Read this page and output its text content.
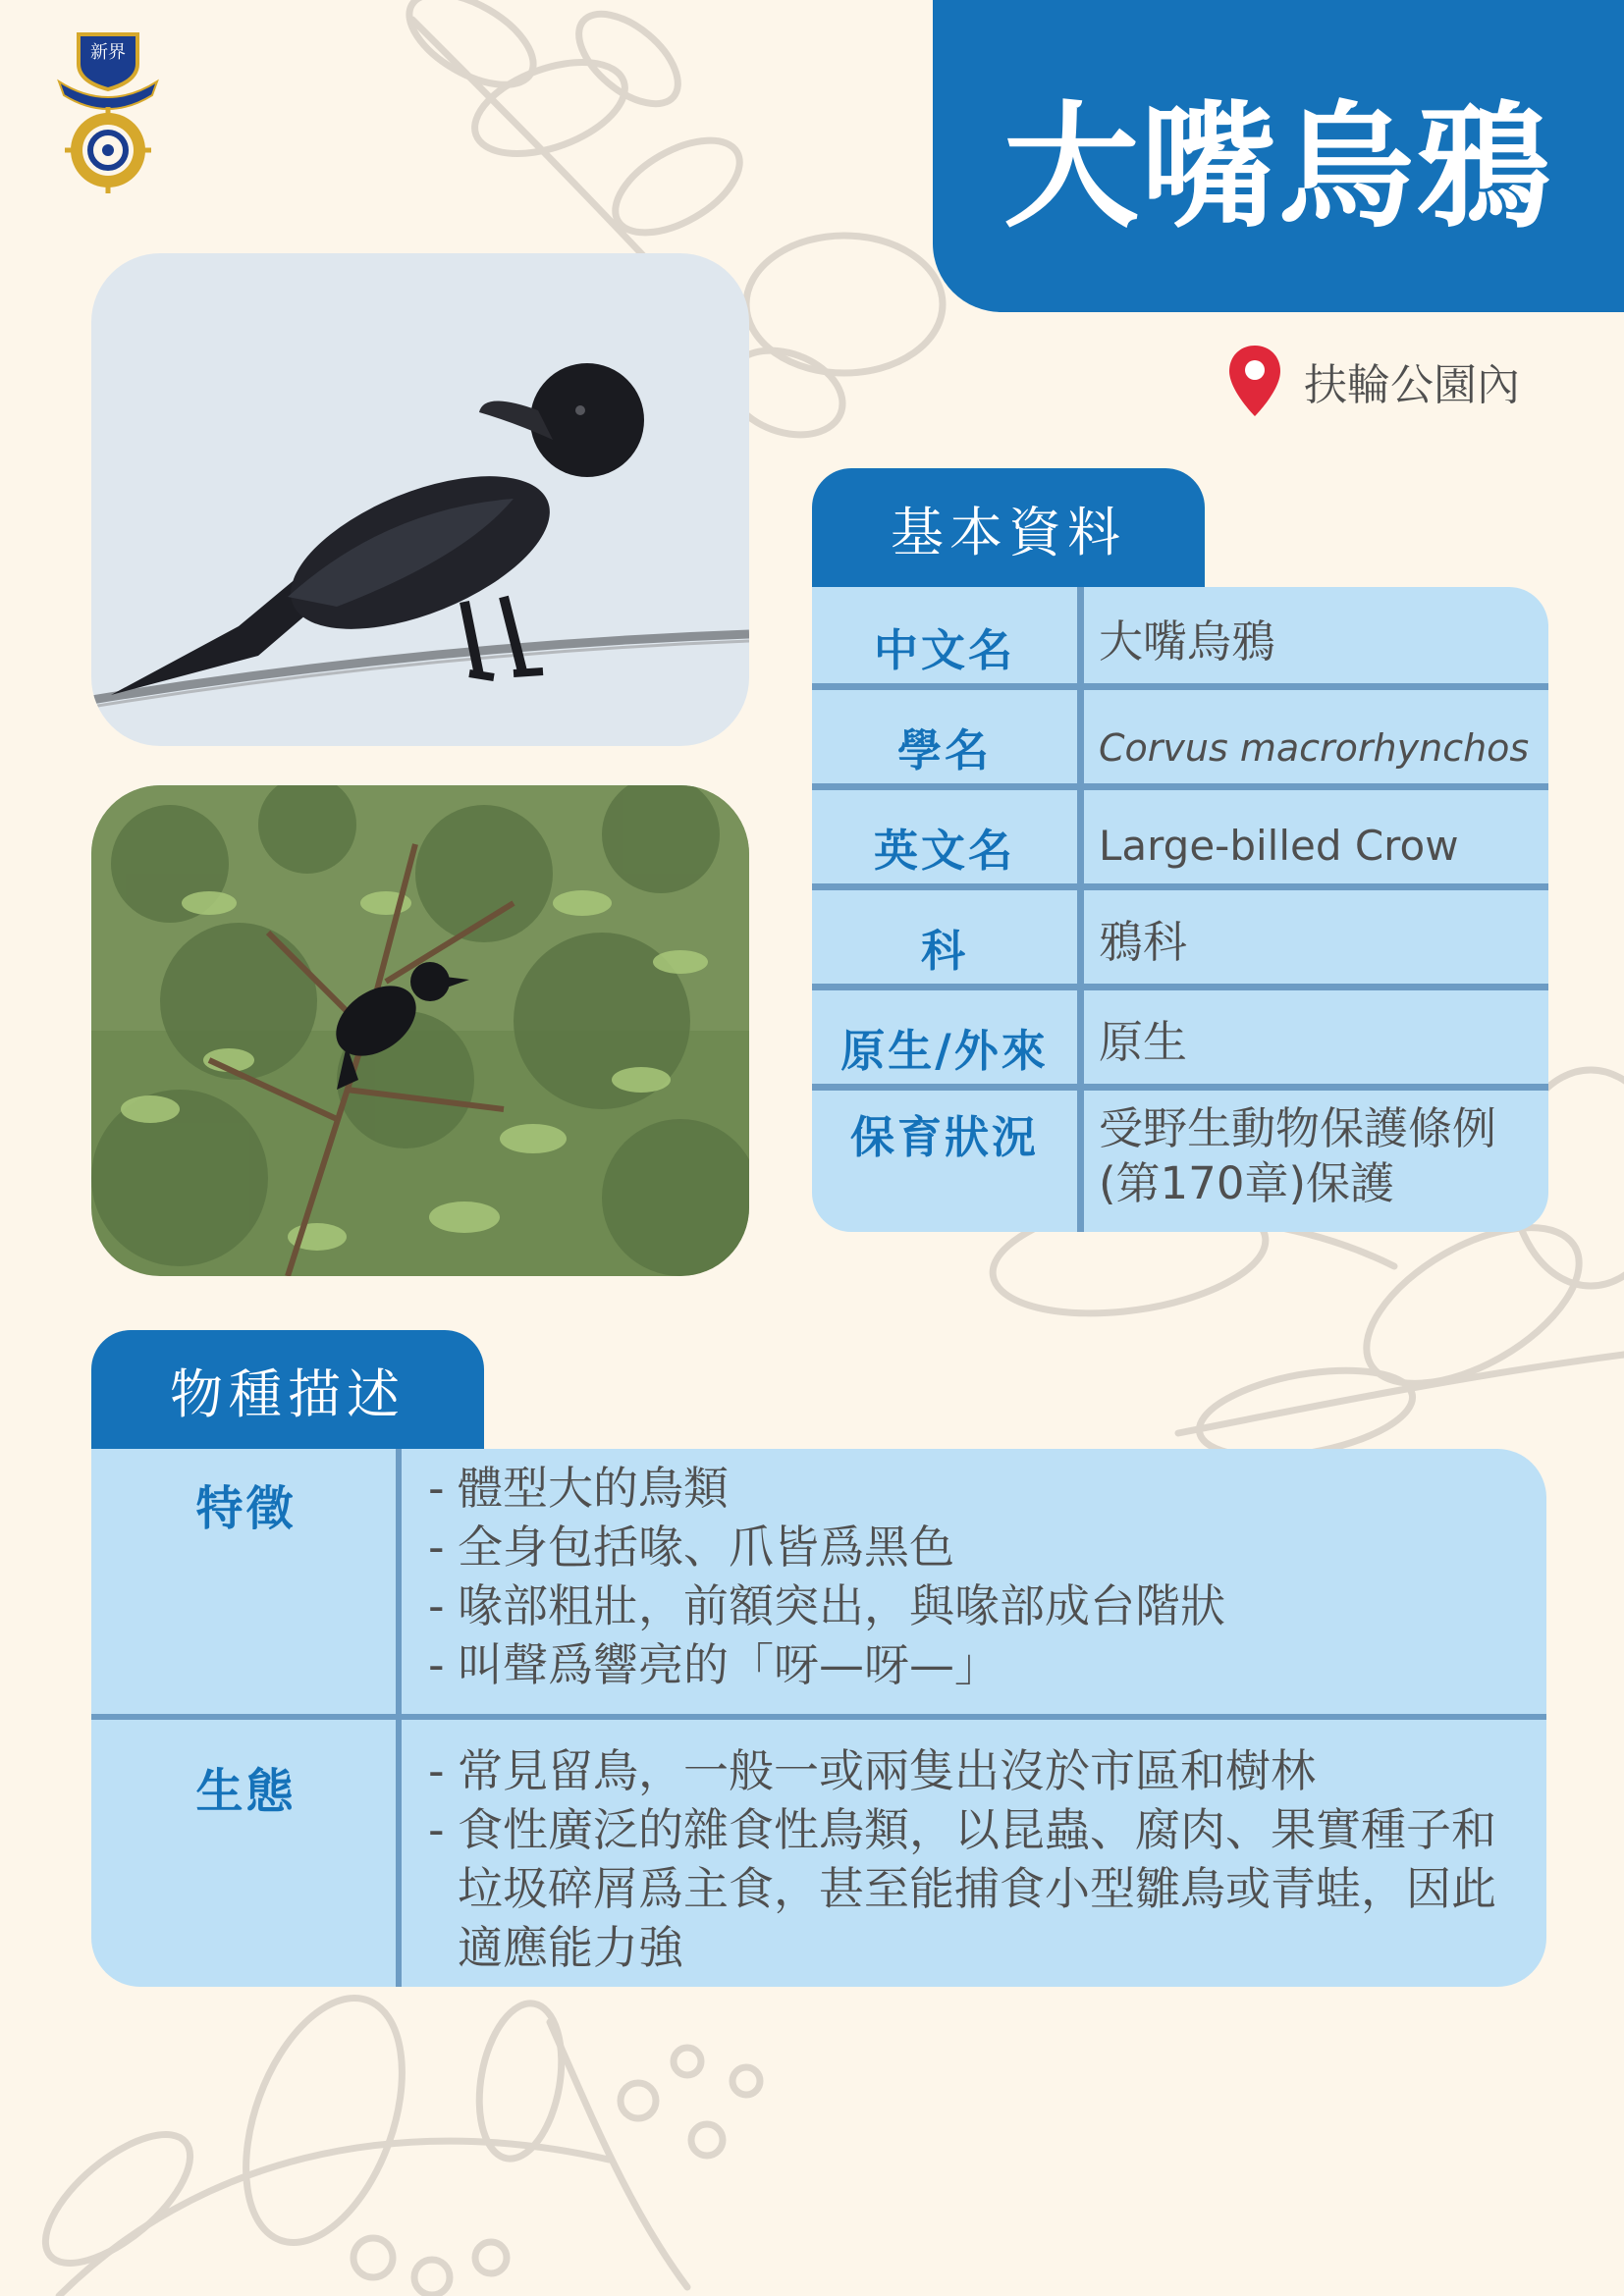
新界
大嘴烏鴉
扶輪公園內
基本資料
中文名	大嘴烏鴉
學名	Corvus macrorhynchos
英文名	Large-billed Crow
科	鴉科
原生/外來	原生
保育狀況	受野生動物保護條例
(第170章)保護
物種描述
特徵	- 體型大的鳥類
- 全身包括喙、爪皆爲黑色
- 喙部粗壯，前額突出，與喙部成台階狀
- 叫聲爲響亮的「呀—呀—」
生態	- 常見留鳥，一般一或兩隻出沒於市區和樹林
- 食性廣泛的雜食性鳥類，以昆蟲、腐肉、果實種子和垃圾碎屑爲主食，甚至能捕食小型雛鳥或青蛙，因此適應能力強
